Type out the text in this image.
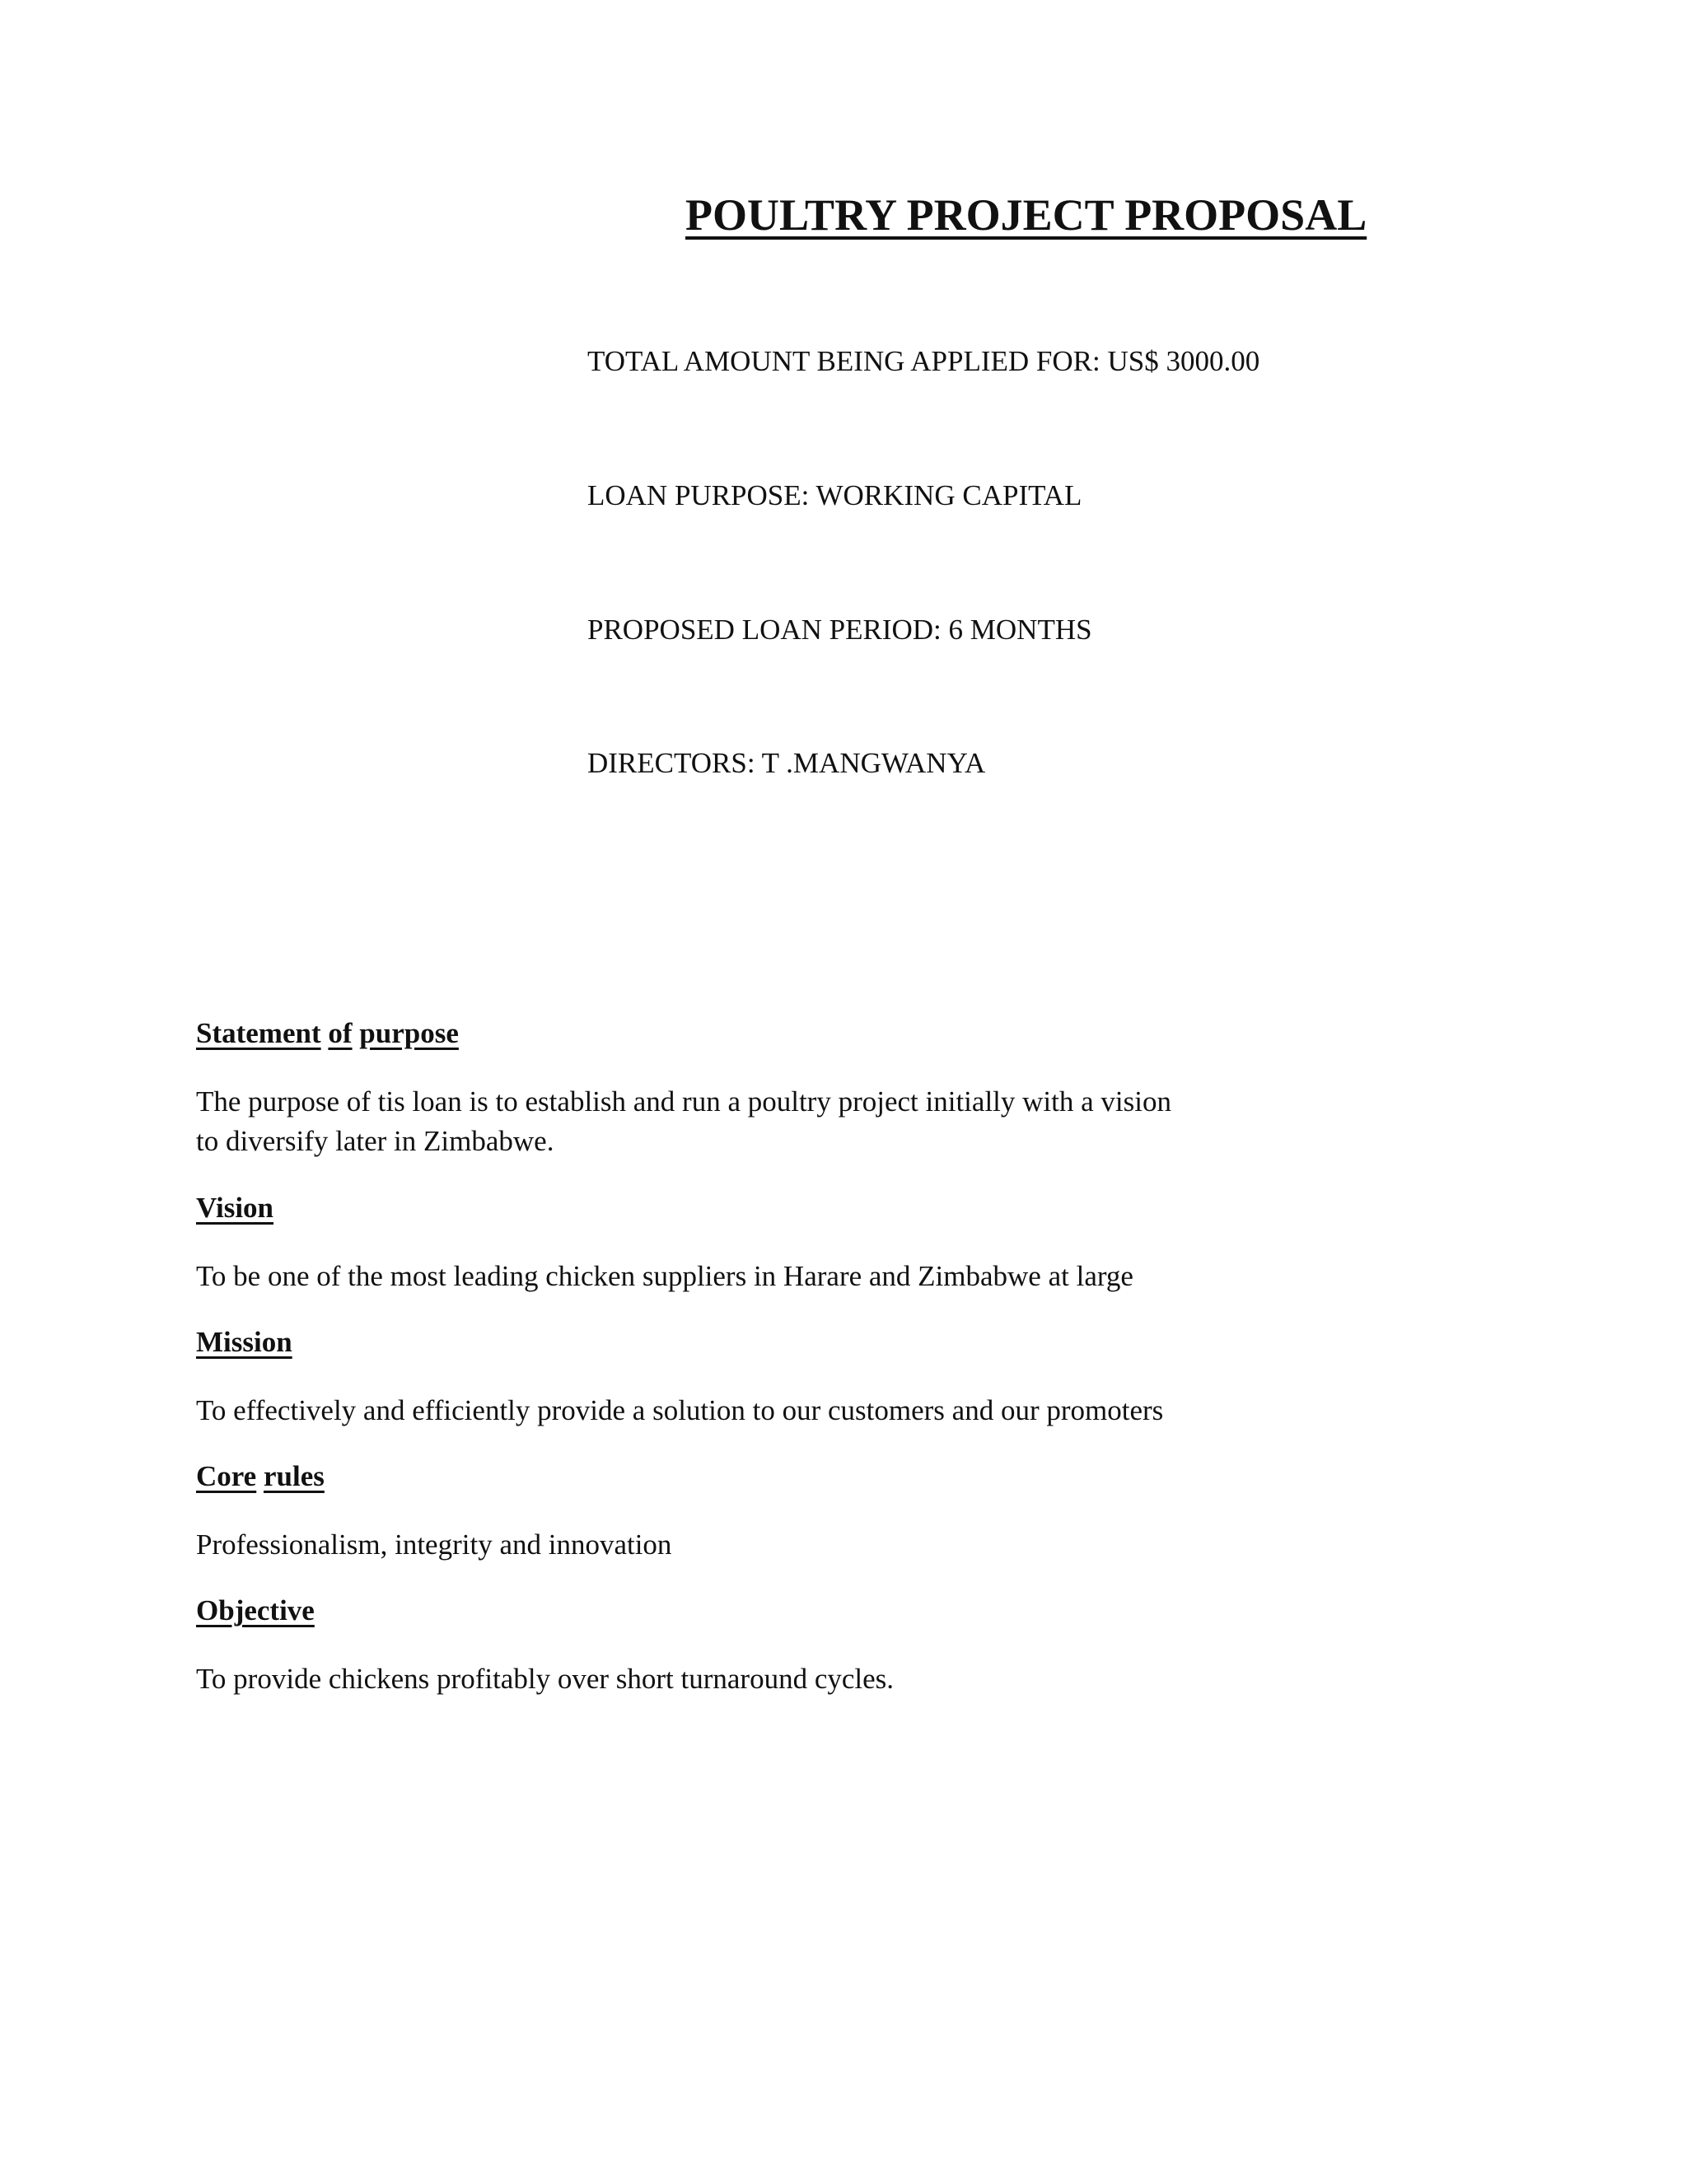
POULTRY PROJECT PROPOSAL

TOTAL AMOUNT BEING APPLIED FOR: US$ 3000.00

LOAN PURPOSE: WORKING CAPITAL

PROPOSED LOAN PERIOD: 6 MONTHS

DIRECTORS: T .MANGWANYA

Statement of purpose

The purpose of tis loan is to establish and run a poultry project initially with a vision
to diversify later in Zimbabwe.

Vision

To be one of the most leading chicken suppliers in Harare and Zimbabwe at large

Mission

To effectively and efficiently provide a solution to our customers and our promoters

Core rules

Professionalism, integrity and innovation

Objective

To provide chickens profitably over short turnaround cycles.
